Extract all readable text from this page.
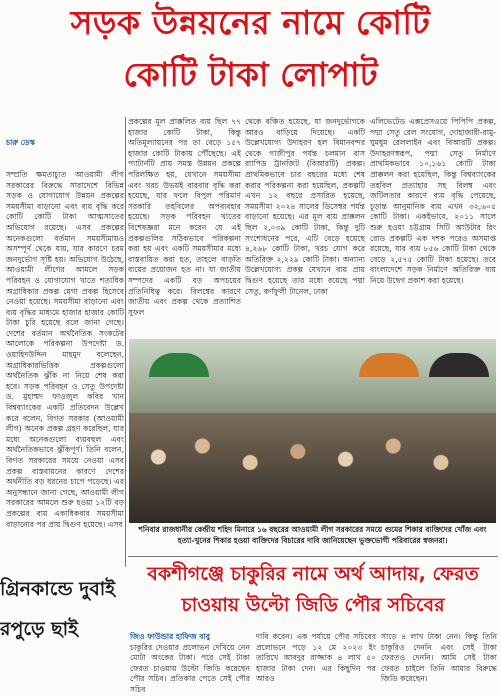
সড়ক উন্নয়নের নামে কোটি
কোটি টাকা লোপাট

চারু ডেস্ক

সম্প্রতি ক্ষমতাচ্যুত আওয়ামী লীগ সরকারের বিরুদ্ধে সারাদেশে বিভিন্ন সড়ক ও যোগাযোগ উন্নয়ন প্রকল্পের সময়সীমা বাড়ানো এবং ব্যয় বৃদ্ধি করে কোটি কোটি টাকা আত্মসাতের অভিযোগ রয়েছে। এসব প্রকল্পের অনেকগুলো বর্তমান সময়সীমায়ও অসম্পূর্ণ থেকে যায়, যার কারণে চরম জনদুর্ভোগ সৃষ্টি হয়। অভিযোগ উঠেছে, আওয়ামী লীগের আমলে সড়ক পরিবহন ও যোগাযোগ খাতে শতাধিক অগ্রাধিকার প্রকল্প মেগা প্রকল্প হিসেবে নেওয়া হয়েছে। সময়সীমা বাড়ানো এবং ব্যয় বৃদ্ধির মাধ্যমে হাজার হাজার কোটি টাকা চুরি হয়েছে বলে জানা গেছে। দেশের বর্তমান অর্থনৈতিক সংকটের আলোকে পরিকল্পনা উপদেষ্টা ড. ওয়াহিদউদ্দিন মাহমুদ বলেছেন, অগ্রাধিকারভিত্তিক প্রকল্পগুলো অর্থনৈতিক ঝুঁকি না নিয়ে শেষ করা হবে। সড়ক পরিবহন ও সেতু উপদেষ্টা ড. মুহাম্মদ ফাওজুল কবির খান বিশ্বব্যাংকের একটি প্রতিবেদন উল্লেখ করে বলেন, বিগত সরকার (আওয়ামী লীগ) অনেক প্রকল্প গ্রহণ করেছিল, যার মধ্যে অনেকগুলো ব্যয়বহুল এবং অর্থনৈতিকভাবে ঝুঁকিপূর্ণ। তিনি বলেন, বিগত সরকারের সময়ে নেওয়া এসব প্রকল্প বাস্তবায়নের কারণে দেশের অর্থনীতি বড় ধরনের চাপে পড়েছে। এর অনুসন্ধানে জানা গেছে, আওয়ামী লীগ সরকারের আমলে শুরু হওয়া ১২টি বড় প্রকল্পের ব্যয় একাধিকবার সময়সীমা বাড়ানোর পর প্রায় দ্বিগুণ হয়েছে। এসব

প্রকল্পের মূল প্রাক্কলিত ব্যয় ছিল ৭৭ হাজার কোটি টাকা, কিন্তু অতিমূল্যায়নের পর তা বেড়ে ১৫৭ হাজার কোটি টাকায় পৌঁছেছে। এই প্যাটার্নটি প্রায় সমস্ত উন্নয়ন প্রকল্পে পরিলক্ষিত হয়, যেখানে সময়সীমা এবং খরচ উভয়ই বারবার বৃদ্ধি করা হয়েছে, যার ফলে বিপুল পরিমাণ সরকারি তহবিলের অপব্যবহার হয়েছে। সড়ক পরিবহন খাতের বিশেষজ্ঞরা মনে করেন যে এই প্রকল্পগুলির সঠিকভাবে পরিকল্পনা করা হয় এবং একটি সময়সীমার মধ্যে বাস্তবায়িত করা হত, তাহলে বাড়তি ব্যয়ের প্রয়োজন হত না। যা জাতীয় সম্পদের একটি বড় অপচয়ের প্রতিনিধিত্ব করে। বিলম্বের কারণে জাতীয় এবং প্রকল্প থেকে প্রত্যাশিত সুফল
থেকে বঞ্চিত হয়েছে, যা জনদুর্ভোগকে আরও বাড়িয়ে দিয়েছে। একটি উল্লেখযোগ্য উদাহরণ হল বিমানবন্দর থেকে গাজীপুর পর্যন্ত চলমান বাস র‍্যাপিড ট্রানজিট (বিআরটি) প্রকল্প। প্রাথমিকভাবে চার বছরের মধ্যে শেষ করার পরিকল্পনা করা হয়েছিল, প্রকল্পটি এখন ১২ বছরে প্রসারিত হয়েছে, সময়সীমা ২০২৪ সালের ডিসেম্বর পর্যন্ত বাড়ানো হয়েছে। এর মূল ব্যয় প্রাক্কলন ছিল ২,০৩৯ কোটি টাকা, কিন্তু দুটি সংশোধনের পরে, এটি বেড়ে হয়েছে ৪,২৬৮ কোটি টাকা, খরচ যোগ করে অতিরিক্ত ২,২২৯ কোটি টাকা। অন্যান্য উল্লেখযোগ্য প্রকল্প যেখানে ব্যয় প্রায় দ্বিগুণ হয়েছে তার মধ্যে রয়েছে পদ্মা সেতু, কর্ণফুলী টানেল, ঢাকা
এলিভেটেড এক্সপ্রেসওয়ে পিপিপি প্রকল্প, পদ্মা সেতু রেল সংযোগ, দোহাজারী-রামু-ঘুমধুম রেললাইন এবং বিআরটি প্রকল্প। উদাহরণস্বরূপ, পদ্মা সেতু নির্মাণে প্রাথমিকভাবে ১০,১৬১ কোটি টাকা প্রাক্কলন করা হয়েছিল, কিন্তু বিশ্বব্যাংকের তহবিল প্রত্যাহার সহ বিলম্ব এবং জটিলতার কারণে ব্যয় বৃদ্ধি পেয়েছে, চূড়ান্ত আনুমানিক ব্যয় এখন ৩২,৬০৫ কোটি টাকা। একইভাবে, ২০১১ সালে শুরু হওয়া চট্টগ্রাম সিটি আউটার রিং রোড প্রকল্পটি এক দশক পরেও অসমাপ্ত রয়েছে, যার ব্যয় ৮৫৬ কোটি টাকা থেকে বেড়ে ২,৫৭৫ কোটি টাকা হয়েছে। তবে বাংলাদেশে সড়ক নির্মাণে অতিরিক্ত ব্যয় নিয়ে উদ্বেগ প্রকাশ করা হয়েছে।
শনিবার রাজধানীর কেন্দ্রীয় শহিদ মিনারে ১৬ বছরের আওয়ামী লীগ সরকারের সময়ে গুমের শিকার ব্যক্তিদের খোঁজ এবং হত্যা-খুনের শিকার হওয়া ব্যক্তিদের বিচারের দাবি জানিয়েছেন ভুক্তভোগী পরিবারের স্বজনরা।
বকশীগঞ্জে চাকুরির নামে অর্থ আদায়, ফেরত
চাওয়ায় উল্টো জিডি পৌর সচিবের
গ্রিনকান্ডে দুবাই
রপুড়ে ছাই	জিও ফাউন্ডার হাফিজ বাবু
চাকুরির দেওয়ার প্রলোভন দেখিয়ে নেন মোটা অংকের টাকা। পরে সেই টাকা ফেরত চাওয়ায় উল্টো জিডি করেছেন পৌর সচিব। প্রতিকার পেতে সেই পৌর সচিব
দাবি করেন। এক পর্যায়ে পৌর সচিবের প্রলোভনে পড়ে ১২ মে ২০২৩ ইং তারিখে আবদুর রাজ্জাক ৪ লাখ ৫০ হাজার টাকা দেন। এর কিছুদিন পর আরও
সাড়ে ৪ লাখ টাকা নেন। কিন্তু তিনি চাকুরিও দেননি এবং সেই টাকা ফেরতও দেননি। আমি সেই টাকা ফেরত চাইলে তিনি আমার বিরুদ্ধে জিডি করেছেন।
